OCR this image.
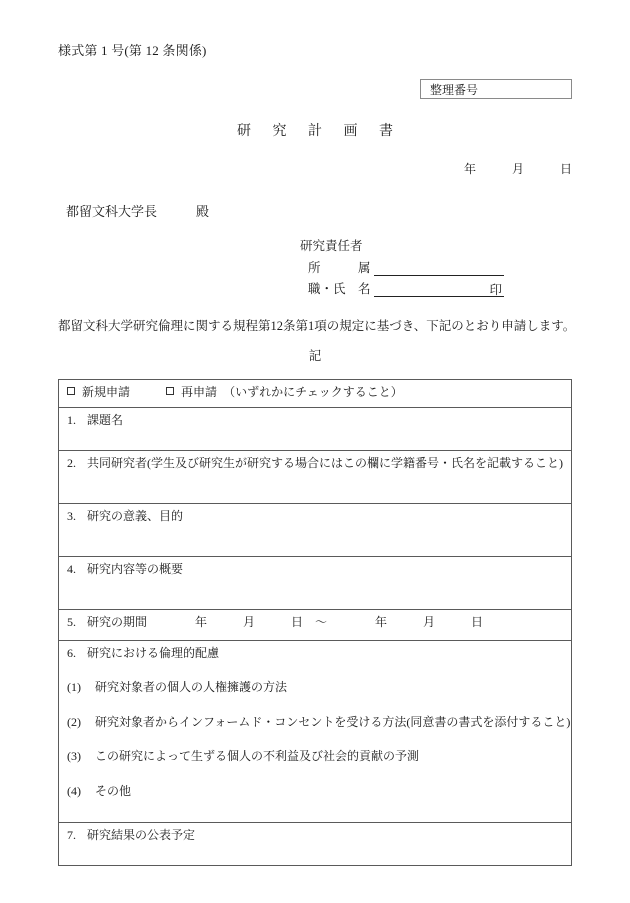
様式第 1 号(第 12 条関係)
整理番号
研 究 計 画 書
年　　　月　　　日
都留文科大学長　　　殿
研究責任者
所　　　属
職・氏　名

	印

都留文科大学研究倫理に関する規程第12条第1項の規定に基づき、下記のとおり申請します。
記
新規申請　　　	再申請　 （いずれかにチェックすること）
1. 課題名
2. 共同研究者(学生及び研究生が研究する場合にはこの欄に学籍番号・氏名を記載すること)
3. 研究の意義、目的
4. 研究内容等の概要

5. 研究の期間	年　　　月　　　日　～　　　　年　　　月　　　日

6. 研究における倫理的配慮

(1) 研究対象者の個人の人権擁護の方法

(2) 研究対象者からインフォームド・コンセントを受ける方法(同意書の書式を添付すること)

(3) この研究によって生ずる個人の不利益及び社会的貢献の予測

(4) その他

7. 研究結果の公表予定
